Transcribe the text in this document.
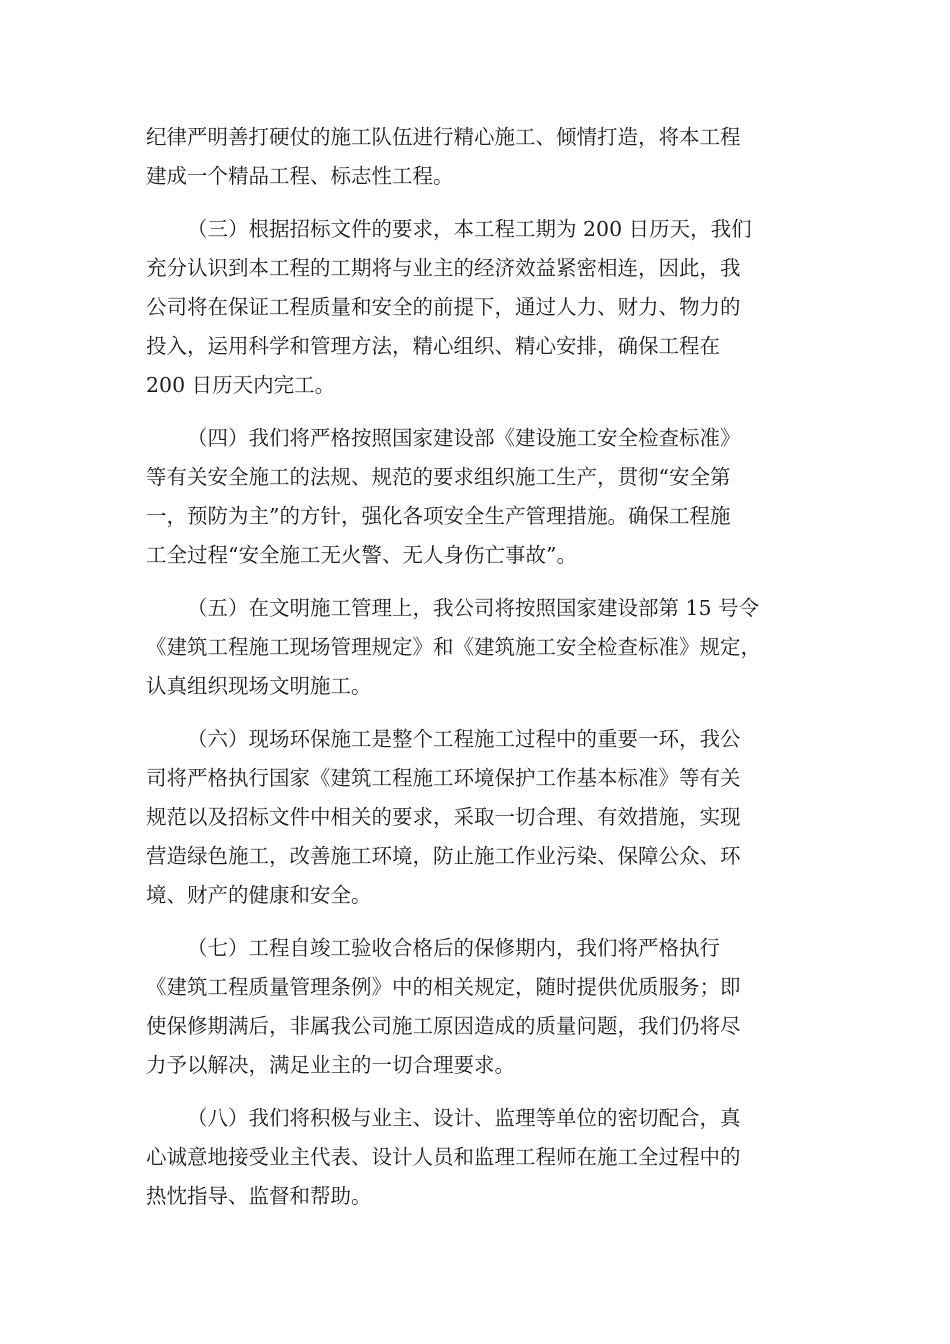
纪律严明善打硬仗的施工队伍进行精心施工、倾情打造，将本工程
建成一个精品工程、标志性工程。

（三）根据招标文件的要求，本工程工期为 200 日历天，我们
充分认识到本工程的工期将与业主的经济效益紧密相连，因此，我
公司将在保证工程质量和安全的前提下，通过人力、财力、物力的
投入，运用科学和管理方法，精心组织、精心安排，确保工程在
200 日历天内完工。

（四）我们将严格按照国家建设部《建设施工安全检查标准》
等有关安全施工的法规、规范的要求组织施工生产，贯彻“安全第
一，预防为主”的方针，强化各项安全生产管理措施。确保工程施
工全过程“安全施工无火警、无人身伤亡事故”。

（五）在文明施工管理上，我公司将按照国家建设部第 15 号令
《建筑工程施工现场管理规定》和《建筑施工安全检查标准》规定，
认真组织现场文明施工。

（六）现场环保施工是整个工程施工过程中的重要一环，我公
司将严格执行国家《建筑工程施工环境保护工作基本标准》等有关
规范以及招标文件中相关的要求，采取一切合理、有效措施，实现
营造绿色施工，改善施工环境，防止施工作业污染、保障公众、环
境、财产的健康和安全。

（七）工程自竣工验收合格后的保修期内，我们将严格执行
《建筑工程质量管理条例》中的相关规定，随时提供优质服务；即
使保修期满后，非属我公司施工原因造成的质量问题，我们仍将尽
力予以解决，满足业主的一切合理要求。

（八）我们将积极与业主、设计、监理等单位的密切配合，真
心诚意地接受业主代表、设计人员和监理工程师在施工全过程中的
热忱指导、监督和帮助。
